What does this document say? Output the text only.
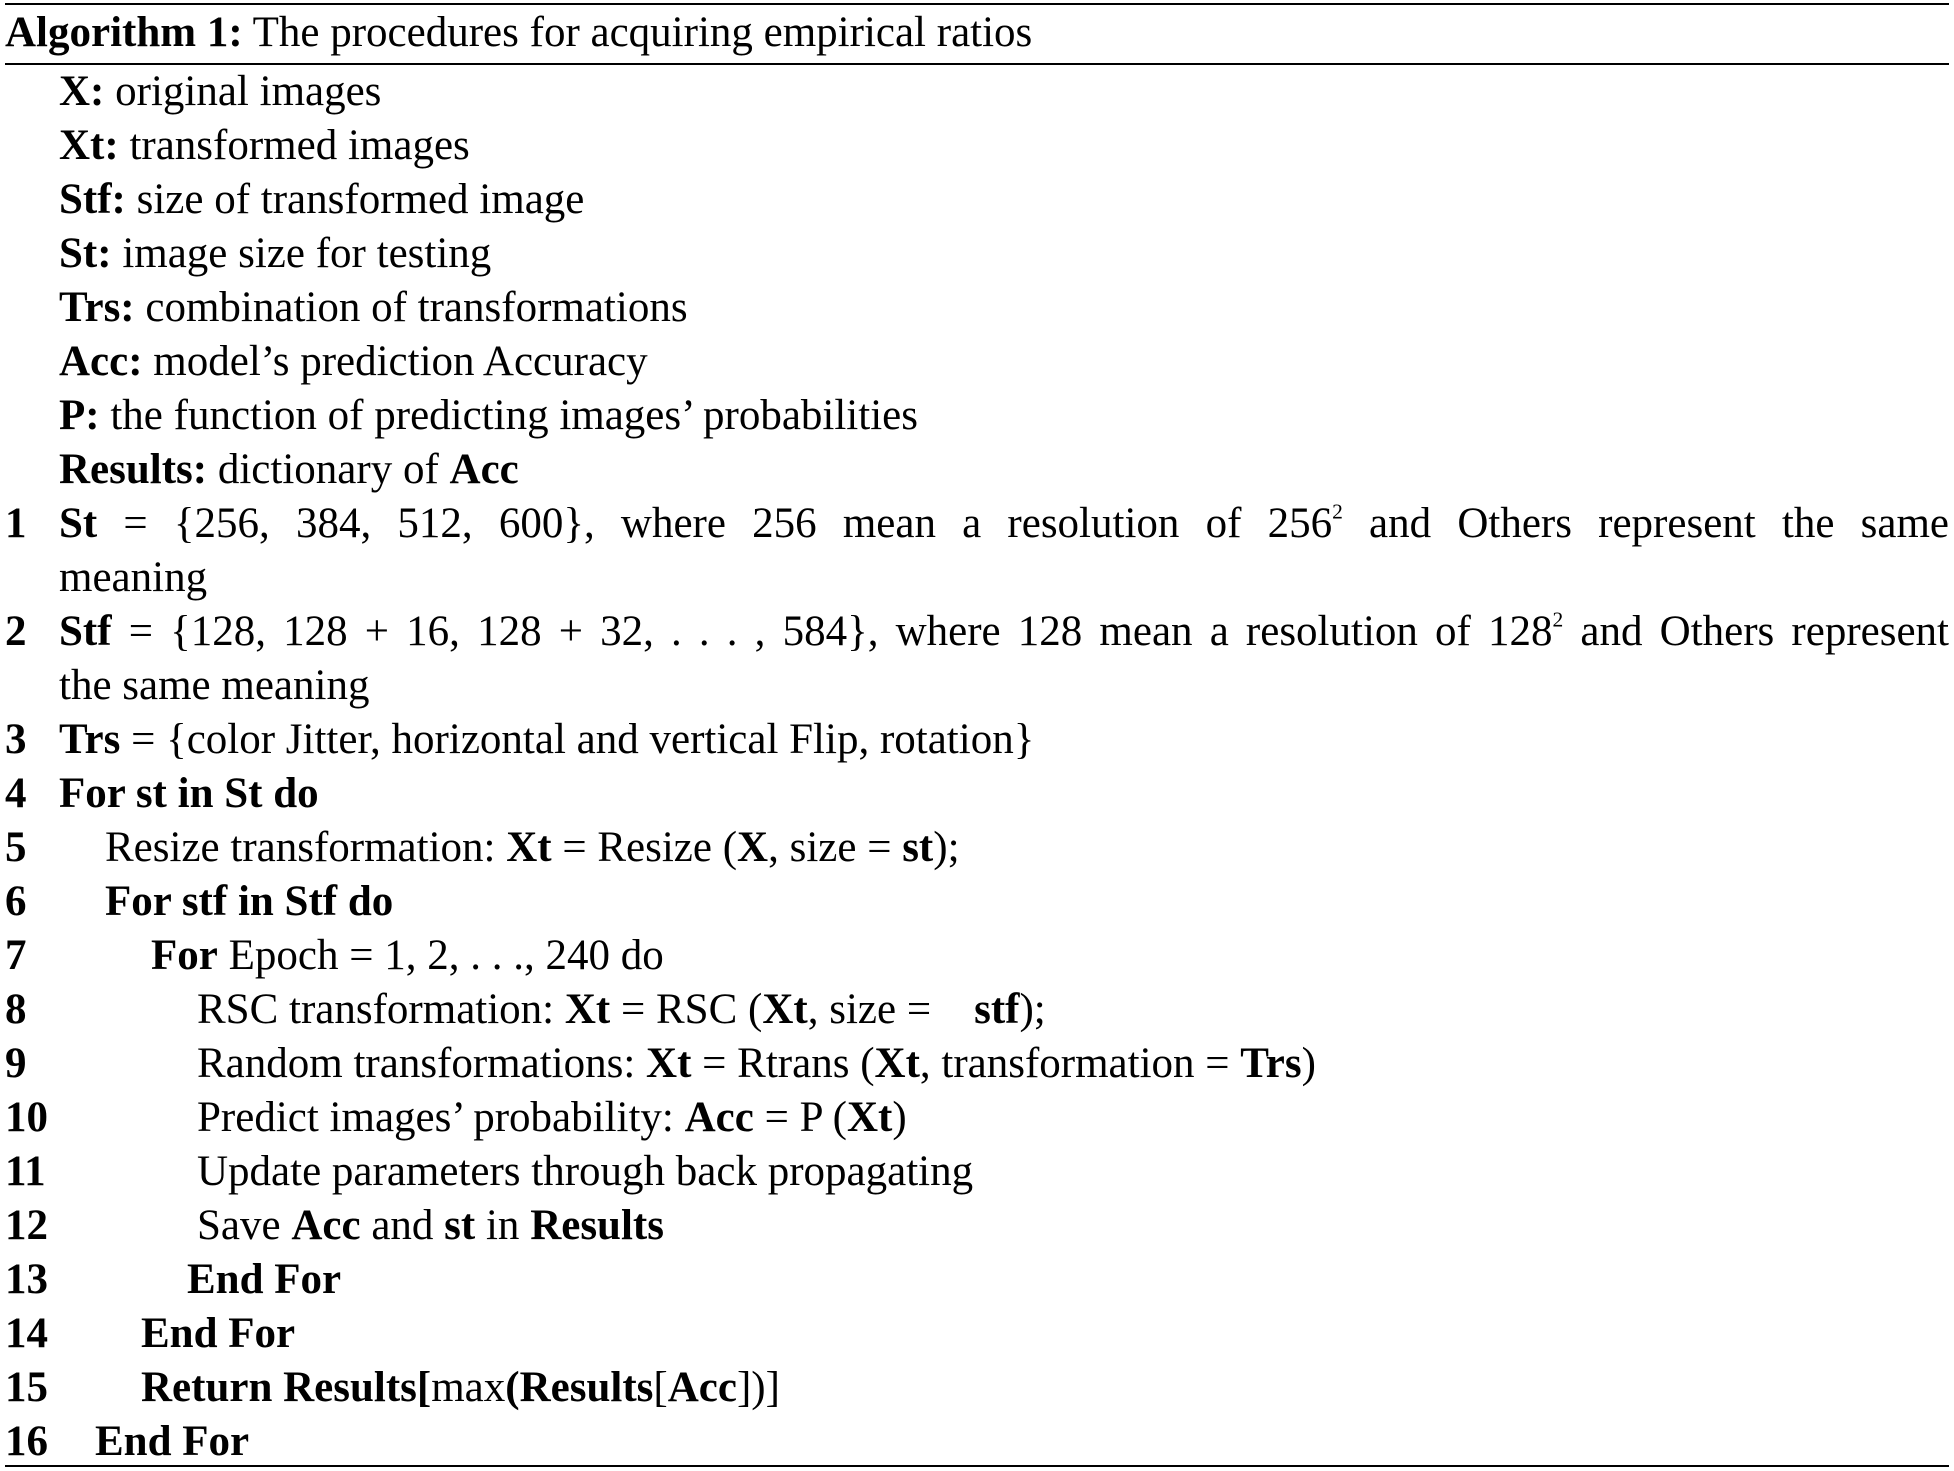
Algorithm 1: The procedures for acquiring empirical ratios
X: original images
Xt: transformed images
Stf: size of transformed image
St: image size for testing
Trs: combination of transformations
Acc: model’s prediction Accuracy
P: the function of predicting images’ probabilities
Results: dictionary of Acc
1 St = {256, 384, 512, 600}, where 256 mean a resolution of $256^2$ and Others represent the same
meaning
2 Stf = {128, 128 + 16, 128 + 32, . . . , 584}, where 128 mean a resolution of $128^2$ and Others represent
the same meaning
3 Trs = {color Jitter, horizontal and vertical Flip, rotation}
4 For st in St do
5	Resize transformation: Xt = Resize (X, size = st);
6	For stf in Stf do
7	For Epoch = 1, 2, . . ., 240 do
8	RSC transformation: Xt = RSC (Xt, size =    stf);
9	Random transformations: Xt = Rtrans (Xt, transformation = Trs)
10	Predict images’ probability: Acc = P (Xt)
11	Update parameters through back propagating
12	Save Acc and st in Results
13	End For
14	End For
15	Return Results[max(Results[Acc])]
16	End For
